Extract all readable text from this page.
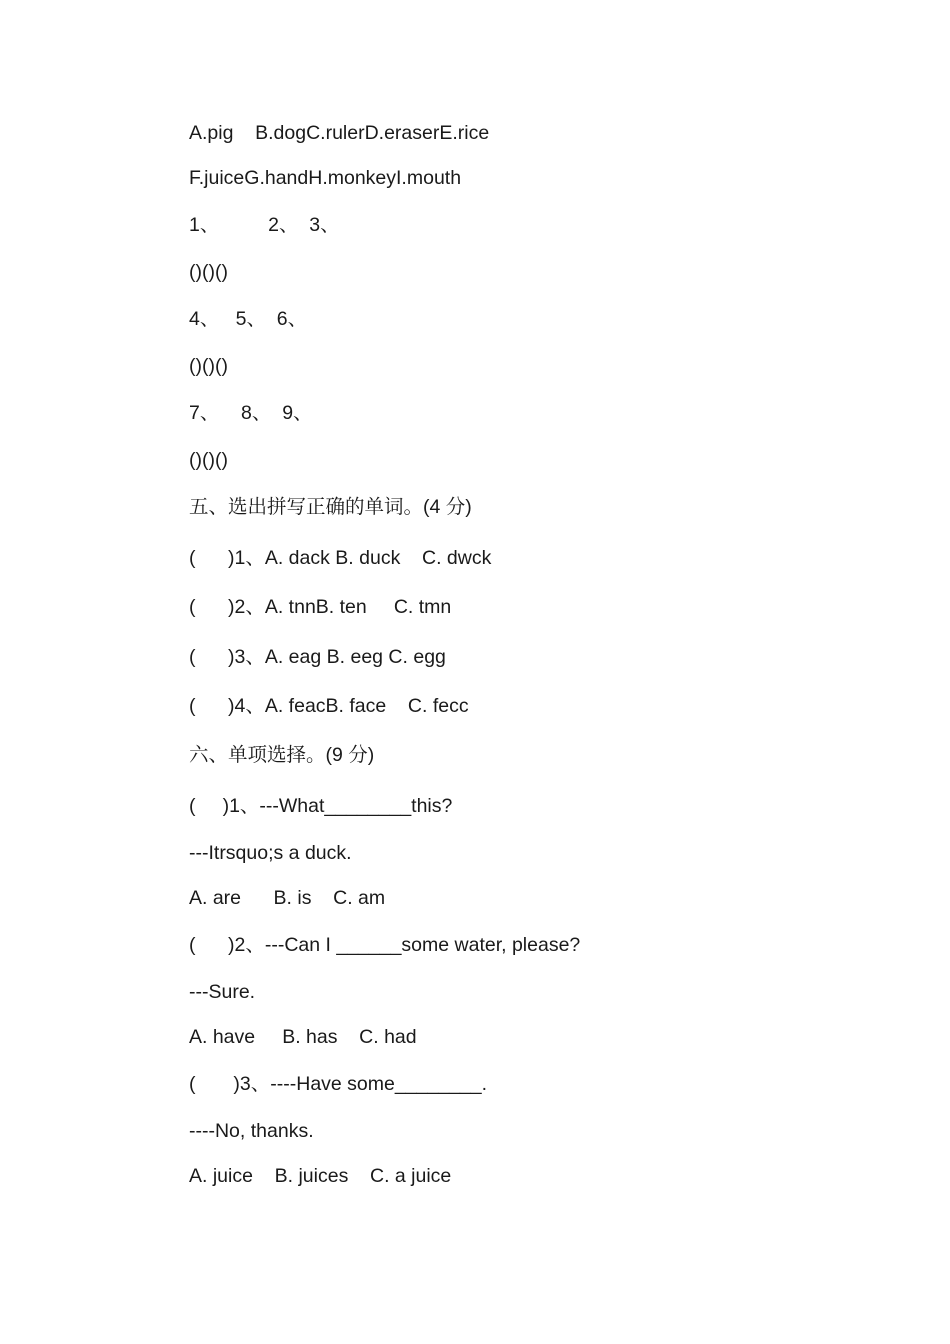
A.pig    B.dogC.rulerD.eraserE.rice
F.juiceG.handH.monkeyI.mouth
1、         2、  3、
()()()
4、   5、  6、
()()()
7、    8、  9、
()()()
五、选出拼写正确的单词。(4 分)
(      )1、A. dack B. duck    C. dwck
(      )2、A. tnnB. ten     C. tmn
(      )3、A. eag B. eeg C. egg
(      )4、A. feacB. face    C. fecc
六、单项选择。(9 分)
(     )1、---What________this?
---Itrsquo;s a duck.
A. are      B. is    C. am
(      )2、---Can I ______some water, please?
---Sure.
A. have     B. has    C. had
(       )3、----Have some________.
----No, thanks.
A. juice    B. juices    C. a juice
